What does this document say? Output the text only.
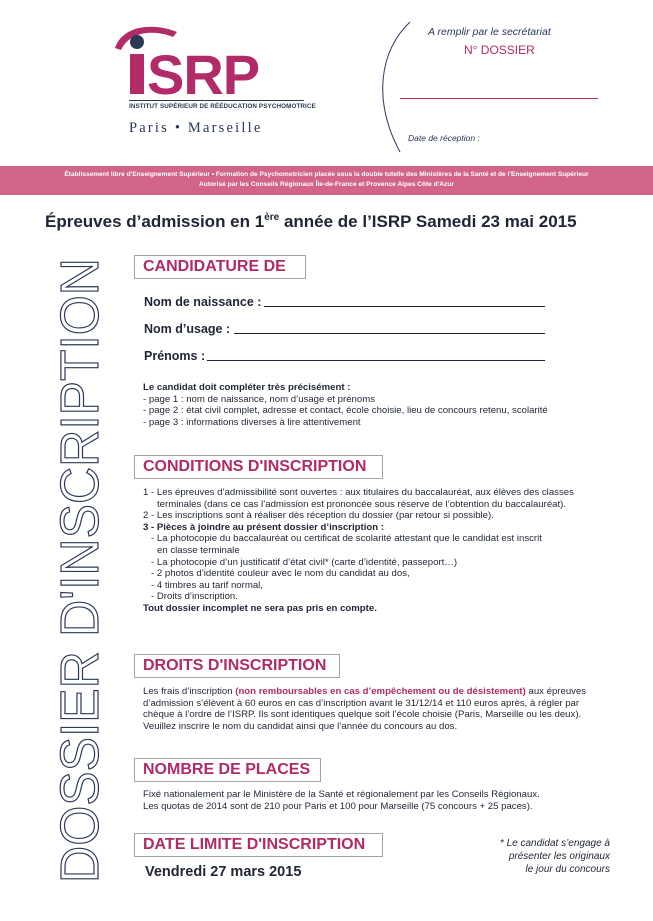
SRP
INSTITUT SUPÉRIEUR DE RÉÉDUCATION PSYCHOMOTRICE
Paris • Marseille
A remplir par le secrétariat
N° DOSSIER
Date de réception :
Établissement libre d'Enseignement Supérieur • Formation de Psychomotricien placée sous la double tutelle des Ministères de la Santé et de l'Enseignement Supérieur
Autorisé par les Conseils Régionaux Île-de-France et Provence Alpes Côte d'Azur
Épreuves d’admission en 1ère année de l’ISRP Samedi 23 mai 2015
DOSSIER D'INSCRIPTION	CANDIDATURE DE
Nom de naissance :
Nom d’usage :
Prénoms :

Le candidat doit compléter très précisément :

- page 1 : nom de naissance, nom d’usage et prénoms

- page 2 : état civil complet, adresse et contact, école choisie, lieu de concours retenu, scolarité

- page 3 : informations diverses à lire attentivement

CONDITIONS D'INSCRIPTION

1 - Les épreuves d’admissibilité sont ouvertes : aux titulaires du baccalauréat, aux élèves des classes

terminales (dans ce cas l’admission est prononcée sous réserve de l’obtention du baccalauréat).

2 - Les inscriptions sont à réaliser dès réception du dossier (par retour si possible).

3 - Pièces à joindre au présent dossier d’inscription :

- La photocopie du baccalauréat ou certificat de scolarité attestant que le candidat est inscrit

en classe terminale

- La photocopie d’un justificatif d’état civil* (carte d’identité, passeport…)

- 2 photos d’identité couleur avec le nom du candidat au dos,

- 4 timbres au tarif normal,

- Droits d’inscription.

Tout dossier incomplet ne sera pas pris en compte.

DROITS D'INSCRIPTION

Les frais d’inscription (non remboursables en cas d’empêchement ou de désistement) aux épreuves

d’admission s’élèvent à 60 euros en cas d’inscription avant le 31/12/14 et 110 euros après, à régler par

chèque à l’ordre de l’ISRP. Ils sont identiques quelque soit l’école choisie (Paris, Marseille ou les deux).

Veuillez inscrire le nom du candidat ainsi que l’année du concours au dos.

NOMBRE DE PLACES

Fixé nationalement par le Ministère de la Santé et régionalement par les Conseils Régionaux.

Les quotas de 2014 sont de 210 pour Paris et 100 pour Marseille (75 concours + 25 paces).

DATE LIMITE D'INSCRIPTION
Vendredi 27 mars 2015
* Le candidat s’engage à
présenter les originaux
le jour du concours
